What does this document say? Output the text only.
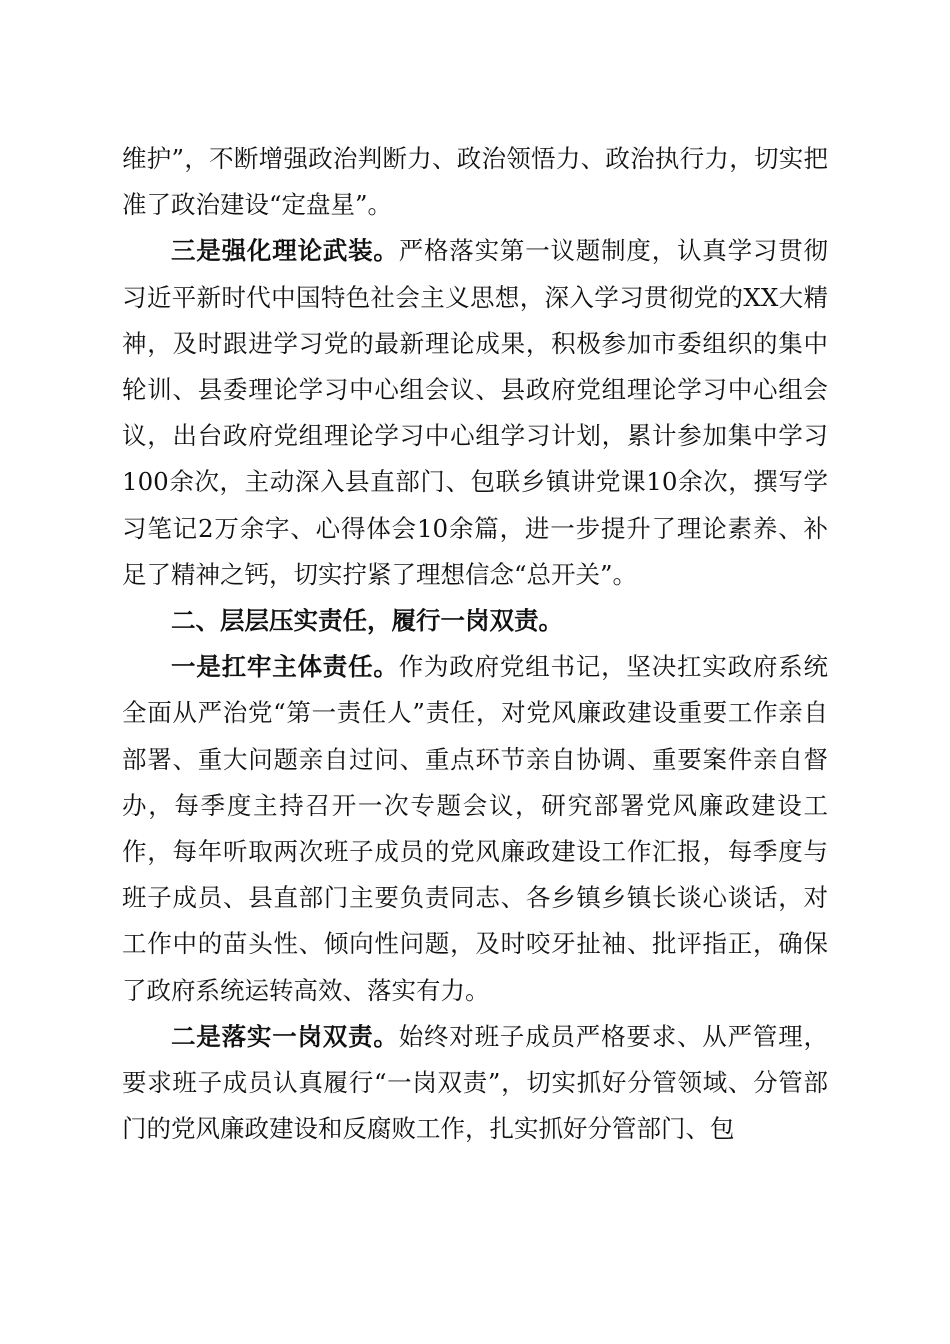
维护”，不断增强政治判断力、政治领悟力、政治执行力，切实把准了政治建设“定盘星”。

三是强化理论武装。严格落实第一议题制度，认真学习贯彻习近平新时代中国特色社会主义思想，深入学习贯彻党的XX大精神，及时跟进学习党的最新理论成果，积极参加市委组织的集中轮训、县委理论学习中心组会议、县政府党组理论学习中心组会议，出台政府党组理论学习中心组学习计划，累计参加集中学习100余次，主动深入县直部门、包联乡镇讲党课10余次，撰写学习笔记2万余字、心得体会10余篇，进一步提升了理论素养、补足了精神之钙，切实拧紧了理想信念“总开关”。

二、层层压实责任，履行一岗双责。

一是扛牢主体责任。作为政府党组书记，坚决扛实政府系统全面从严治党“第一责任人”责任，对党风廉政建设重要工作亲自部署、重大问题亲自过问、重点环节亲自协调、重要案件亲自督办，每季度主持召开一次专题会议，研究部署党风廉政建设工作，每年听取两次班子成员的党风廉政建设工作汇报，每季度与班子成员、县直部门主要负责同志、各乡镇乡镇长谈心谈话，对工作中的苗头性、倾向性问题，及时咬牙扯袖、批评指正，确保了政府系统运转高效、落实有力。

二是落实一岗双责。始终对班子成员严格要求、从严管理，要求班子成员认真履行“一岗双责”，切实抓好分管领域、分管部门的党风廉政建设和反腐败工作，扎实抓好分管部门、包
